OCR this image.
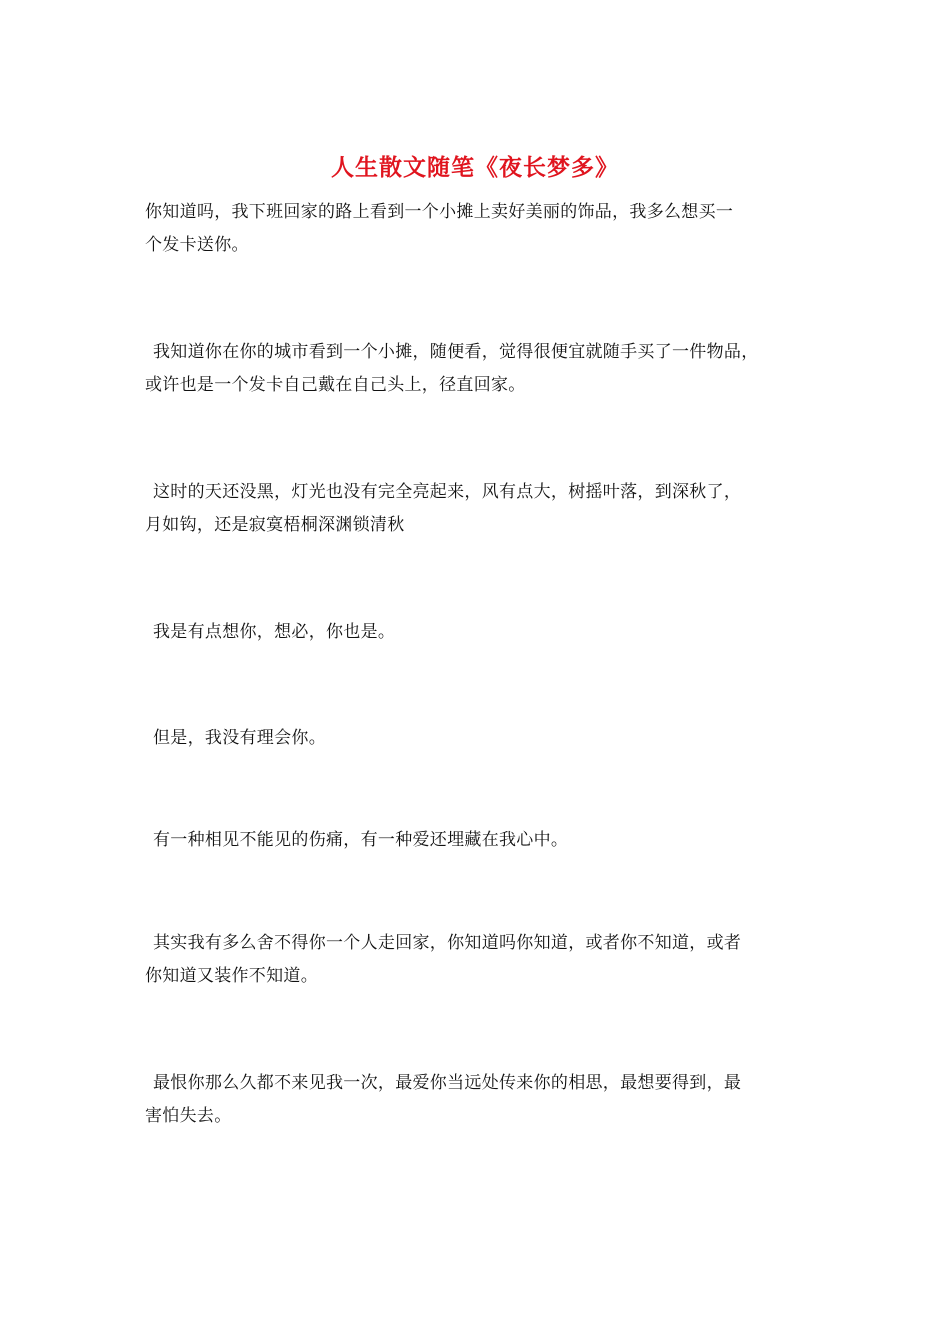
人生散文随笔《夜长梦多》
你知道吗，我下班回家的路上看到一个小摊上卖好美丽的饰品，我多么想买一
个发卡送你。
我知道你在你的城市看到一个小摊，随便看，觉得很便宜就随手买了一件物品，
或许也是一个发卡自己戴在自己头上，径直回家。
这时的天还没黑，灯光也没有完全亮起来，风有点大，树摇叶落，到深秋了，
月如钩，还是寂寞梧桐深渊锁清秋
我是有点想你，想必，你也是。
但是，我没有理会你。
有一种相见不能见的伤痛，有一种爱还埋藏在我心中。
其实我有多么舍不得你一个人走回家，你知道吗你知道，或者你不知道，或者
你知道又装作不知道。
最恨你那么久都不来见我一次，最爱你当远处传来你的相思，最想要得到，最
害怕失去。
